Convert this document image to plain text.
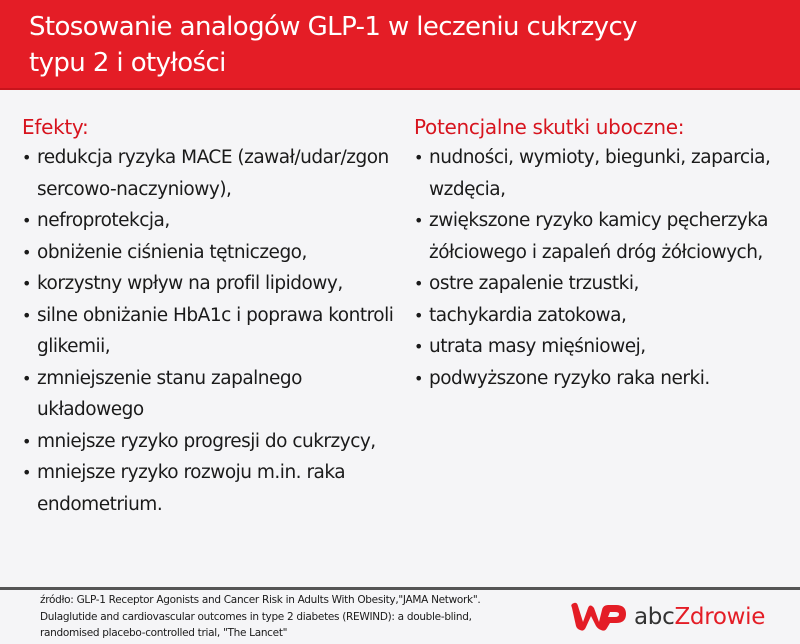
Stosowanie analogów GLP-1 w leczeniu cukrzycy
typu 2 i otyłości
Efekty:
• redukcja ryzyka MACE (zawał/udar/zgon sercowo-naczyniowy),
• nefroprotekcja,
• obniżenie ciśnienia tętniczego,
• korzystny wpływ na profil lipidowy,
• silne obniżanie HbA1c i poprawa kontroli glikemii,
• zmniejszenie stanu zapalnego układowego
• mniejsze ryzyko progresji do cukrzycy,
• mniejsze ryzyko rozwoju m.in. raka endometrium.
Potencjalne skutki uboczne:
• nudności, wymioty, biegunki, zaparcia, wzdęcia,
• zwiększone ryzyko kamicy pęcherzyka żółciowego i zapaleń dróg żółciowych,
• ostre zapalenie trzustki,
• tachykardia zatokowa,
• utrata masy mięśniowej,
• podwyższone ryzyko raka nerki.
źródło: GLP-1 Receptor Agonists and Cancer Risk in Adults With Obesity,"JAMA Network".
Dulaglutide and cardiovascular outcomes in type 2 diabetes (REWIND): a double-blind,
randomised placebo-controlled trial, "The Lancet"
abc Zdrowie
